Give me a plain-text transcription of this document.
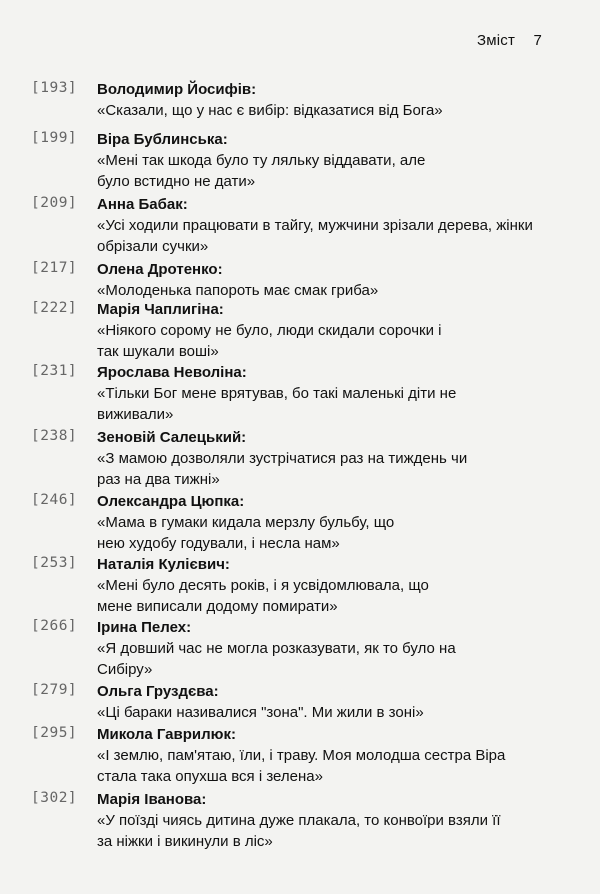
Зміст 7
[193]	Володимир Йосифів:
«Сказали, що у нас є вибір: відказатися від Бога»
[199]	Віра Бублинська:
«Мені так шкода було ту ляльку віддавати, але було встидно не дати»
[209]	Анна Бабак:
«Усі ходили працювати в тайгу, мужчини зрізали дерева, жінки обрізали сучки»
[217]	Олена Дротенко:
«Молоденька папороть має смак гриба»
[222]	Марія Чаплигіна:
«Ніякого сорому не було, люди скидали сорочки і так шукали воші»
[231]	Ярослава Неволіна:
«Тільки Бог мене врятував, бо такі маленькі діти не виживали»
[238]	Зеновій Салецький:
«З мамою дозволяли зустрічатися раз на тиждень чи раз на два тижні»
[246]	Олександра Цюпка:
«Мама в гумаки кидала мерзлу бульбу, що нею худобу годували, і несла нам»
[253]	Наталія Кулієвич:
«Мені було десять років, і я усвідомлювала, що мене виписали додому помирати»
[266]	Ірина Пелех:
«Я довший час не могла розказувати, як то було на Сибіру»
[279]	Ольга Груздєва:
«Ці бараки називалися "зона". Ми жили в зоні»
[295]	Микола Гаврилюк:
«І землю, пам'ятаю, їли, і траву. Моя молодша сестра Віра стала така опухша вся і зелена»
[302]	Марія Іванова:
«У поїзді чиясь дитина дуже плакала, то конвоїри взяли її за ніжки і викинули в ліс»
